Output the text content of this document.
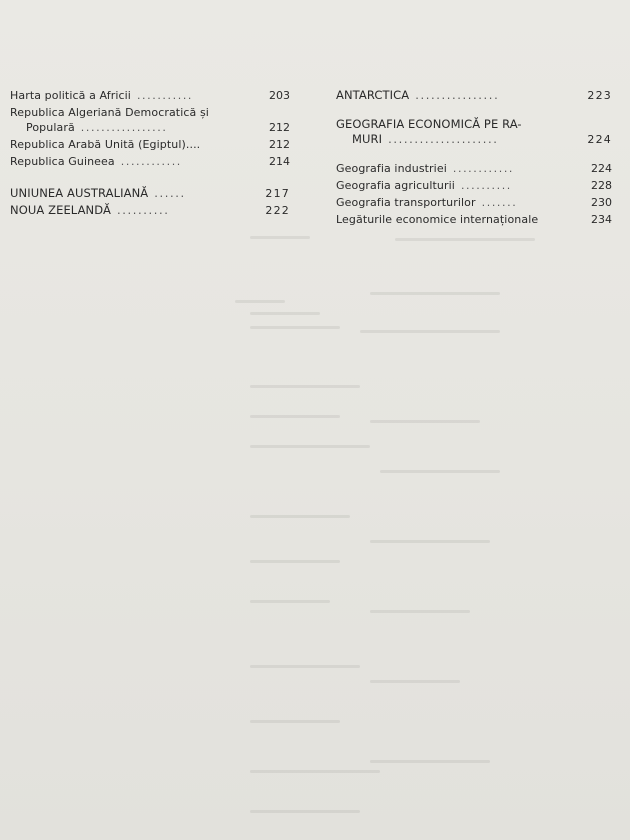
Harta politică a Africii ...........	203
Republica Algeriană Democratică și
Populară .................	212
Republica Arabă Unită (Egiptul)....	212
Republica Guineea ............	214
UNIUNEA AUSTRALIANĂ ......	217
NOUA ZEELANDĂ ..........	222
ANTARCTICA ................	223
GEOGRAFIA ECONOMICĂ PE RA-
MURI .....................	224
Geografia industriei ............	224
Geografia agriculturii ..........	228
Geografia transporturilor .......	230
Legăturile economice internaționale	234
